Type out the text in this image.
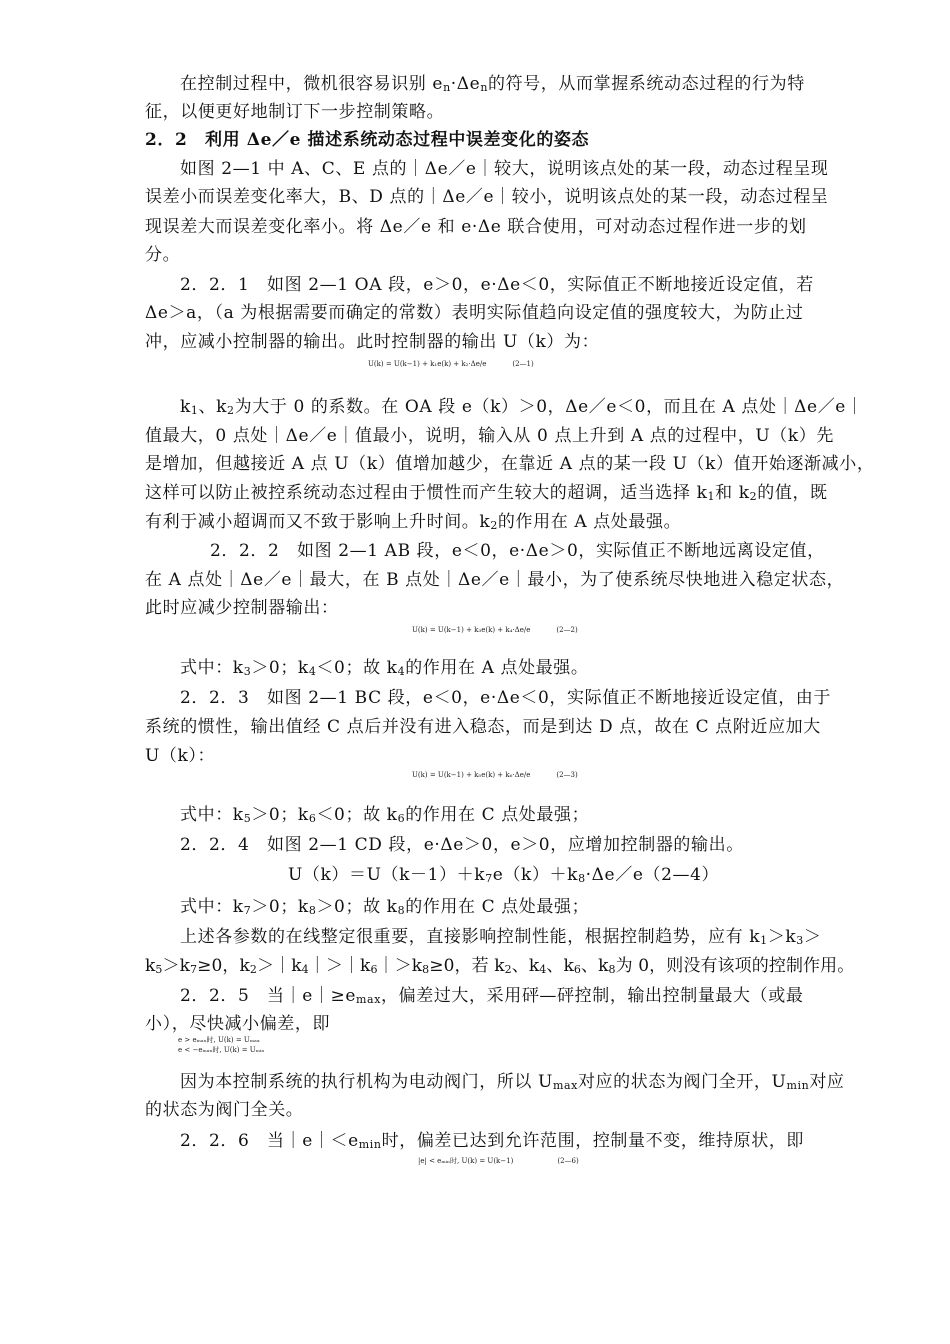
在控制过程中，微机很容易识别 $e_n\cdot\Delta e_n$的符号，从而掌握系统动态过程的行为特
征，以便更好地制订下一步控制策略。
2．2　利用 Δe／e 描述系统动态过程中误差变化的姿态
如图 2—1 中 A、C、E 点的｜Δe／e｜较大，说明该点处的某一段，动态过程呈现
误差小而误差变化率大，B、D 点的｜Δe／e｜较小，说明该点处的某一段，动态过程呈
现误差大而误差变化率小。将 Δe／e 和 e·Δe 联合使用，可对动态过程作进一步的划
分。
2．2．1　如图 2—1 OA 段，e＞0，e·Δe＜0，实际值正不断地接近设定值，若
Δe＞a，（a 为根据需要而确定的常数）表明实际值趋向设定值的强度较大，为防止过
冲，应减小控制器的输出。此时控制器的输出 U（k）为：
U(k) = U(k−1) + k₁e(k) + k₂·Δe/e	(2—1)
$k_1$、$k_2$为大于 0 的系数。在 OA 段 e（k）＞0，Δe／e＜0，而且在 A 点处｜Δe／e｜
值最大，0 点处｜Δe／e｜值最小，说明，输入从 0 点上升到 A 点的过程中，U（k）先
是增加，但越接近 A 点 U（k）值增加越少，在靠近 A 点的某一段 U（k）值开始逐渐减小，
这样可以防止被控系统动态过程由于惯性而产生较大的超调，适当选择 $k_1$和 $k_2$的值，既
有利于减小超调而又不致于影响上升时间。$k_2$的作用在 A 点处最强。
2．2．2　如图 2—1 AB 段，e＜0，e·Δe＞0，实际值正不断地远离设定值，
在 A 点处｜Δe／e｜最大，在 B 点处｜Δe／e｜最小，为了使系统尽快地进入稳定状态，
此时应减少控制器输出：
U(k) = U(k−1) + k₃e(k) + k₄·Δe/e	(2—2)
式中：$k_3>0$；$k_4<0$；故 $k_4$的作用在 A 点处最强。
2．2．3　如图 2—1 BC 段，e＜0，e·Δe＜0，实际值正不断地接近设定值，由于
系统的惯性，输出值经 C 点后并没有进入稳态，而是到达 D 点，故在 C 点附近应加大
U（k）：
U(k) = U(k−1) + k₅e(k) + k₆·Δe/e	(2—3)
式中：$k_5>0$；$k_6<0$；故 $k_6$的作用在 C 点处最强；
2．2．4　如图 2—1 CD 段，e·Δe＞0，e＞0，应增加控制器的输出。
$U(k)=U(k-1)+k_7e(k)+k_8\cdot\Delta e/e(2—4)$
式中：$k_7>0$；$k_8>0$；故 $k_8$的作用在 C 点处最强；
上述各参数的在线整定很重要，直接影响控制性能，根据控制趋势，应有 $k_1>k_3>$
$k_5>k_7\ge 0$，$k_2>|k_4|>|k_6|>k_8\ge 0$，若 $k_2$、$k_4$、$k_6$、$k_8$为 0，则没有该项的控制作用。
2．2．5　当$|e|\ge e_{max}$，偏差过大，采用砰—砰控制，输出控制量最大（或最
小），尽快减小偏差，即
e > eₘₐₓ时, U(k) = Uₘₐₓ
e < −eₘₐₓ时, U(k) = Uₘᵢₙ
因为本控制系统的执行机构为电动阀门，所以 $U_{max}$对应的状态为阀门全开，$U_{min}$对应
的状态为阀门全关。
2．2．6　当$|e|<e_{min}$时，偏差已达到允许范围，控制量不变，维持原状，即
|e| < eₘᵢₙ时, U(k) = U(k−1)	(2—6)
